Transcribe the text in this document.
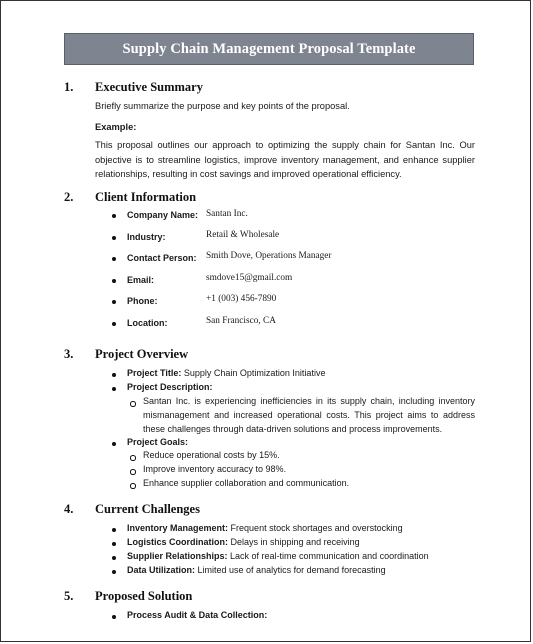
Supply Chain Management Proposal Template
1. Executive Summary
Briefly summarize the purpose and key points of the proposal.
Example:
This proposal outlines our approach to optimizing the supply chain for Santan Inc. Our objective is to streamline logistics, improve inventory management, and enhance supplier relationships, resulting in cost savings and improved operational efficiency.
2. Client Information
Company Name: Santan Inc.
Industry:	Retail & Wholesale
Contact Person: Smith Dove, Operations Manager
Email:	smdove15@gmail.com
Phone:	+1 (003) 456-7890
Location:	San Francisco, CA
3. Project Overview
Project Title: Supply Chain Optimization Initiative
Project Description:
Santan Inc. is experiencing inefficiencies in its supply chain, including inventory mismanagement and increased operational costs. This project aims to address these challenges through data-driven solutions and process improvements.
Project Goals:
Reduce operational costs by 15%.
Improve inventory accuracy to 98%.
Enhance supplier collaboration and communication.
4. Current Challenges
Inventory Management: Frequent stock shortages and overstocking
Logistics Coordination: Delays in shipping and receiving
Supplier Relationships: Lack of real-time communication and coordination
Data Utilization: Limited use of analytics for demand forecasting
5. Proposed Solution
Process Audit & Data Collection:
